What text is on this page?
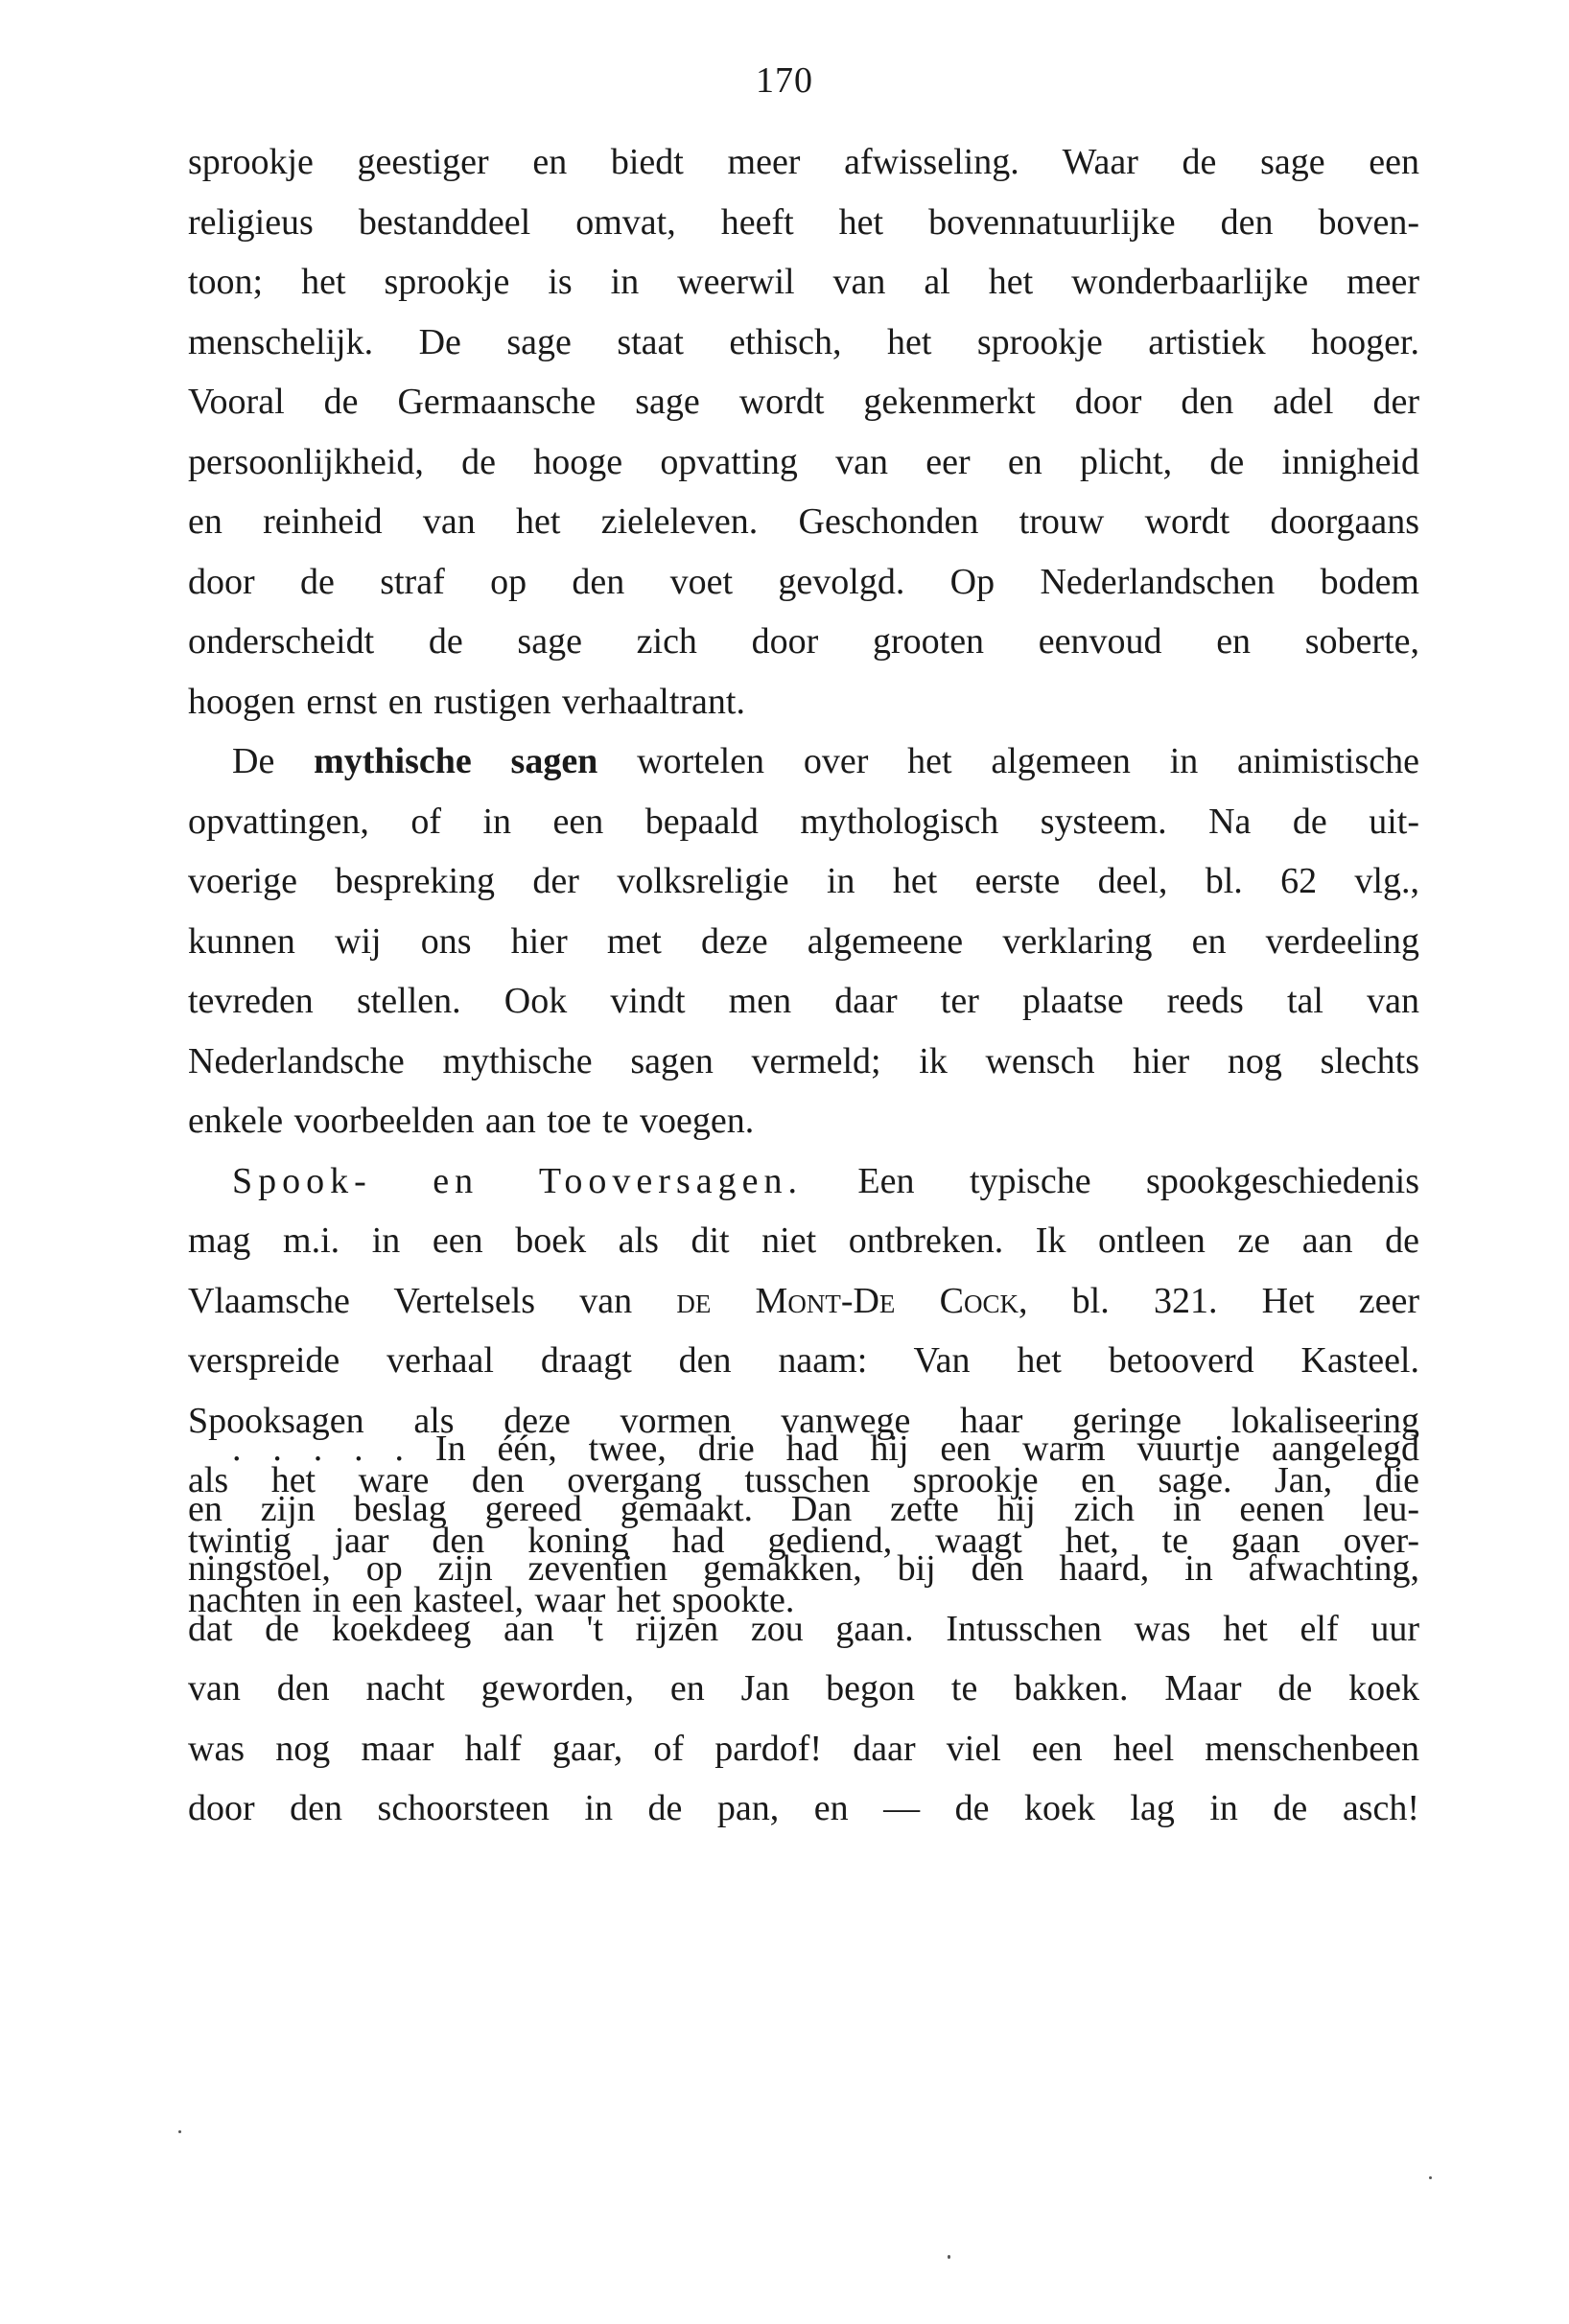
170
sprookje geestiger en biedt meer afwisseling. Waar de sage een
religieus bestanddeel omvat, heeft het bovennatuurlijke den boven-
toon; het sprookje is in weerwil van al het wonderbaarlijke meer
menschelijk. De sage staat ethisch, het sprookje artistiek hooger.
Vooral de Germaansche sage wordt gekenmerkt door den adel der
persoonlijkheid, de hooge opvatting van eer en plicht, de innigheid
en reinheid van het zieleleven. Geschonden trouw wordt doorgaans
door de straf op den voet gevolgd. Op Nederlandschen bodem
onderscheidt de sage zich door grooten eenvoud en soberte,
hoogen ernst en rustigen verhaaltrant.
De mythische sagen wortelen over het algemeen in animistische
opvattingen, of in een bepaald mythologisch systeem. Na de uit-
voerige bespreking der volksreligie in het eerste deel, bl. 62 vlg.,
kunnen wij ons hier met deze algemeene verklaring en verdeeling
tevreden stellen. Ook vindt men daar ter plaatse reeds tal van
Nederlandsche mythische sagen vermeld; ik wensch hier nog slechts
enkele voorbeelden aan toe te voegen.
Spook- en Tooversagen. Een typische spookgeschiedenis
mag m.i. in een boek als dit niet ontbreken. Ik ontleen ze aan de
Vlaamsche Vertelsels van de Mont-De Cock, bl. 321. Het zeer
verspreide verhaal draagt den naam: Van het betooverd Kasteel.
Spooksagen als deze vormen vanwege haar geringe lokaliseering
als het ware den overgang tusschen sprookje en sage. Jan, die
twintig jaar den koning had gediend, waagt het, te gaan over-
nachten in een kasteel, waar het spookte.
. . . . . In één, twee, drie had hij een warm vuurtje aangelegd
en zijn beslag gereed gemaakt. Dan zette hij zich in eenen leu-
ningstoel, op zijn zeventien gemakken, bij den haard, in afwachting,
dat de koekdeeg aan 't rijzen zou gaan. Intusschen was het elf uur
van den nacht geworden, en Jan begon te bakken. Maar de koek
was nog maar half gaar, of pardof! daar viel een heel menschenbeen
door den schoorsteen in de pan, en — de koek lag in de asch!
